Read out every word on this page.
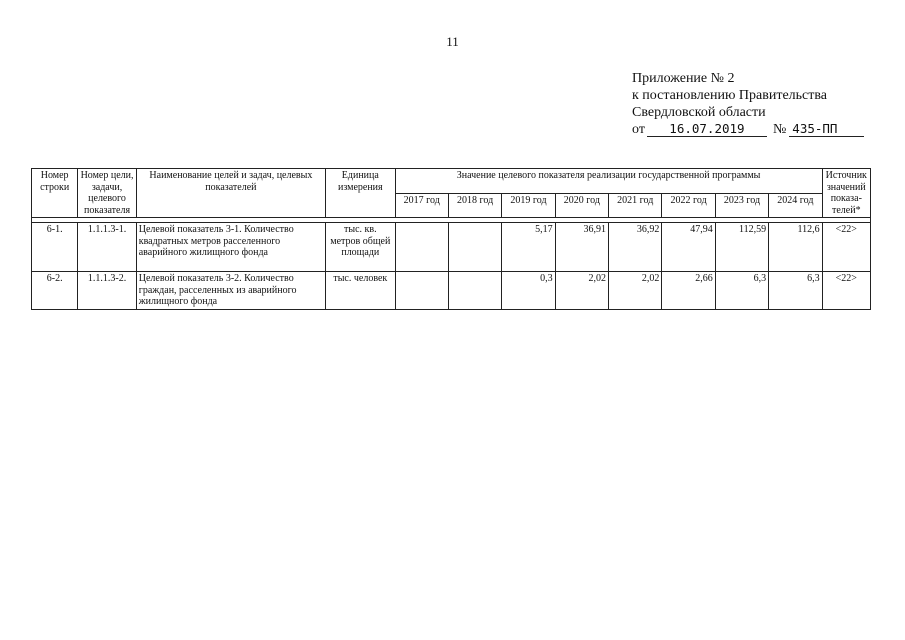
11
Приложение № 2
к постановлению Правительства
Свердловской области
от	16.07.2019	№ 435-ПП
Номер строки	Номер цели, задачи, целевого показателя	Наименование целей и задач, целевых показателей	Единица измерения	Значение целевого показателя реализации государственной программы								Источник значений показа- телей*
				2017 год	2018 год	2019 год	2020 год	2021 год	2022 год	2023 год	2024 год	

6-1.	1.1.1.3-1.	Целевой показатель 3-1. Количество квадратных метров расселенного аварийного жилищного фонда	тыс. кв. метров общей площади			5,17	36,91	36,92	47,94	112,59	112,6	<22>
6-2.	1.1.1.3-2.	Целевой показатель 3-2. Количество граждан, расселенных из аварийного жилищного фонда	тыс. человек			0,3	2,02	2,02	2,66	6,3	6,3	<22>
